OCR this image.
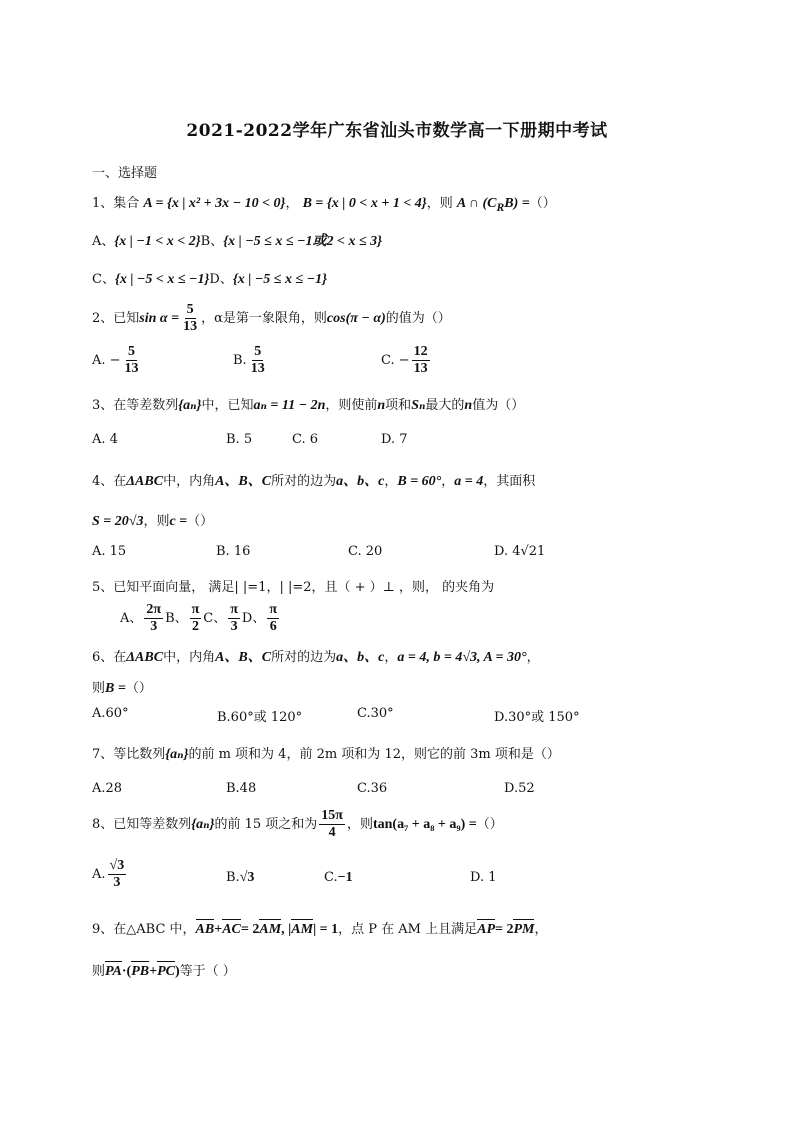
2021-2022学年广东省汕头市数学高一下册期中考试
一、选择题
1、集合 A = {x | x² + 3x − 10 < 0}， B = {x | 0 < x + 1 < 4}，则 A ∩ $(C_RB)$ =（）
A、{x | −1 < x < 2}B、{x | −5 ≤ x ≤ −1或2 < x ≤ 3}
C、{x | −5 < x ≤ −1}D、{x | −5 ≤ x ≤ −1}
2、已知$\sin \alpha = \frac{5}{13}$ ，α是第一象限角，则cos(π − α)的值为（）
A. − $\frac{5}{13}$	B. $\frac{5}{13}$	C. − $\frac{12}{13}$
3、在等差数列{aₙ}中，已知aₙ = 11 − 2n，则使前n项和Sₙ最大的n值为（）
A. 4	B. 5	C. 6	D. 7
4、在ΔABC中，内角A、B、C所对的边为a、b、c，B = 60°，a = 4，其面积
S = 20√3，则c =（）
A. 15	B. 16	C. 20	D. 4√21
5、已知平面向量， 满足| |=1，| |=2，且（ + ）⊥ ，则， 的夹角为
A、 $\frac{2\pi}{3}$ B、 $\frac{\pi}{2}$ C、 $\frac{\pi}{3}$ D、 $\frac{\pi}{6}$
6、在ΔABC中，内角A、B、C所对的边为a、b、c，a = 4, b = 4√3, A = 30°，
则B =（）
A.60°	B.60°或 120°	C.30°	D.30°或 150°
7、等比数列{aₙ}的前 m 项和为 4，前 2m 项和为 12，则它的前 3m 项和是（）
A.28	B.48	C.36	D.52
8、已知等差数列{aₙ}的前 15 项之和为 $\frac{15\pi}{4}$ ，则tan(a₇ + a₈ + a₉) =（）
A. $\frac{√3}{3}$	B.√3	C.−1	D. 1
9、在△ABC 中，AB+AC= 2AM, |AM| = 1，点 P 在 AM 上且满足AP= 2PM，
则PA·(PB+PC)等于（ ）
